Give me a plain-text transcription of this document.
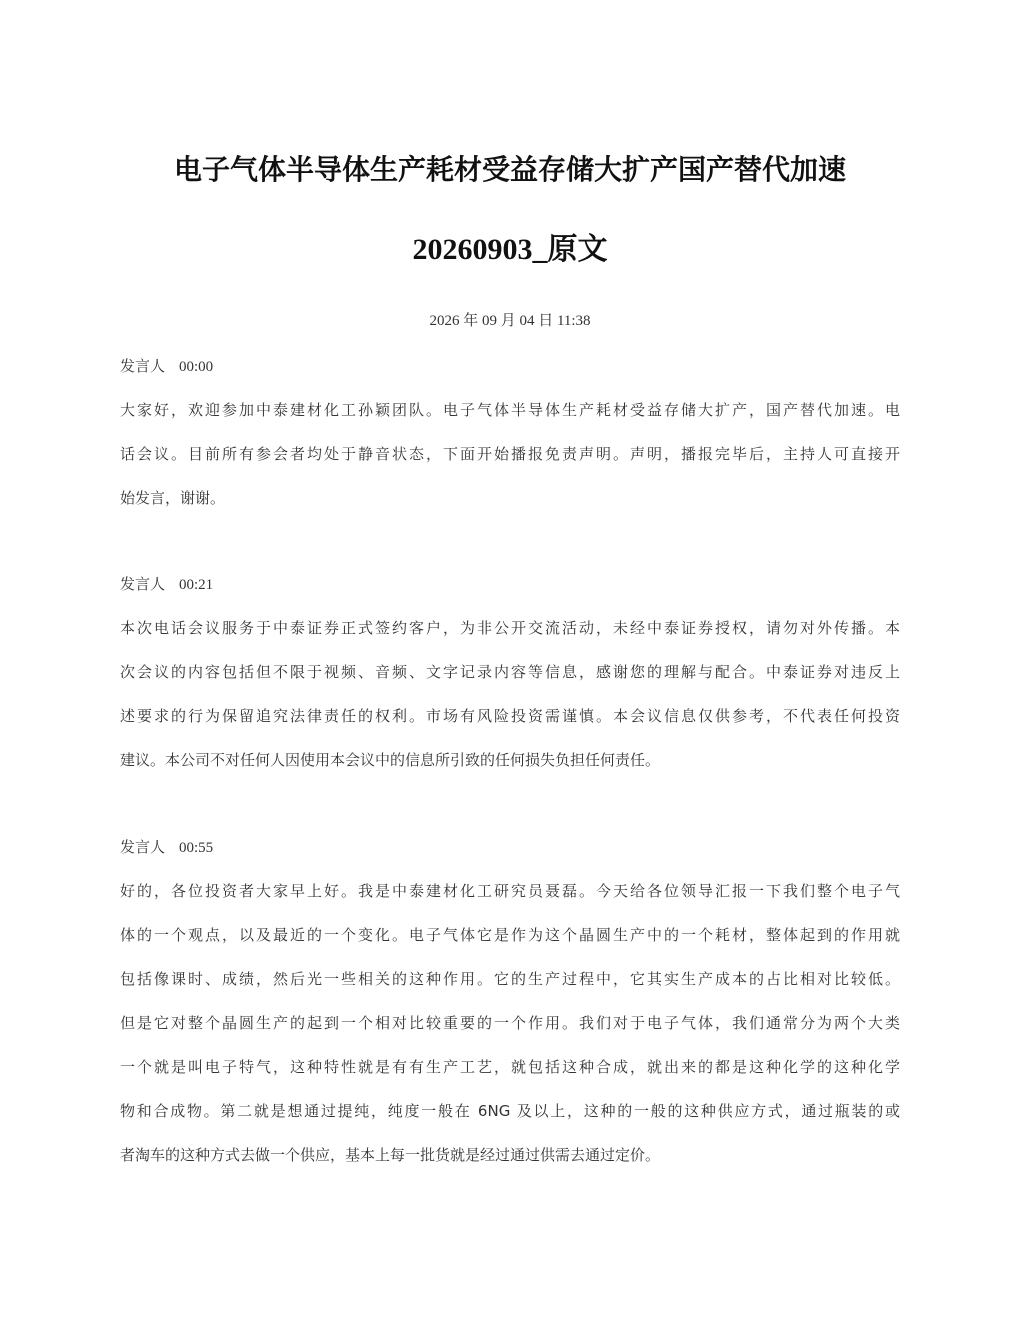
电子气体半导体生产耗材受益存储大扩产国产替代加速
20260903_原文
2026 年 09 月 04 日 11:38
发言人 00:00
大家好，欢迎参加中泰建材化工孙颖团队。电子气体半导体生产耗材受益存储大扩产，国产替代加速。电
话会议。目前所有参会者均处于静音状态，下面开始播报免责声明。声明，播报完毕后，主持人可直接开
始发言，谢谢。
发言人 00:21
本次电话会议服务于中泰证券正式签约客户，为非公开交流活动，未经中泰证券授权，请勿对外传播。本
次会议的内容包括但不限于视频、音频、文字记录内容等信息，感谢您的理解与配合。中泰证券对违反上
述要求的行为保留追究法律责任的权利。市场有风险投资需谨慎。本会议信息仅供参考，不代表任何投资
建议。本公司不对任何人因使用本会议中的信息所引致的任何损失负担任何责任。
发言人 00:55
好的，各位投资者大家早上好。我是中泰建材化工研究员聂磊。今天给各位领导汇报一下我们整个电子气
体的一个观点，以及最近的一个变化。电子气体它是作为这个晶圆生产中的一个耗材，整体起到的作用就
包括像课时、成绩，然后光一些相关的这种作用。它的生产过程中，它其实生产成本的占比相对比较低。
但是它对整个晶圆生产的起到一个相对比较重要的一个作用。我们对于电子气体，我们通常分为两个大类
一个就是叫电子特气，这种特性就是有有生产工艺，就包括这种合成，就出来的都是这种化学的这种化学
物和合成物。第二就是想通过提纯，纯度一般在 6NG 及以上，这种的一般的这种供应方式，通过瓶装的或
者淘车的这种方式去做一个供应，基本上每一批货就是经过通过供需去通过定价。
